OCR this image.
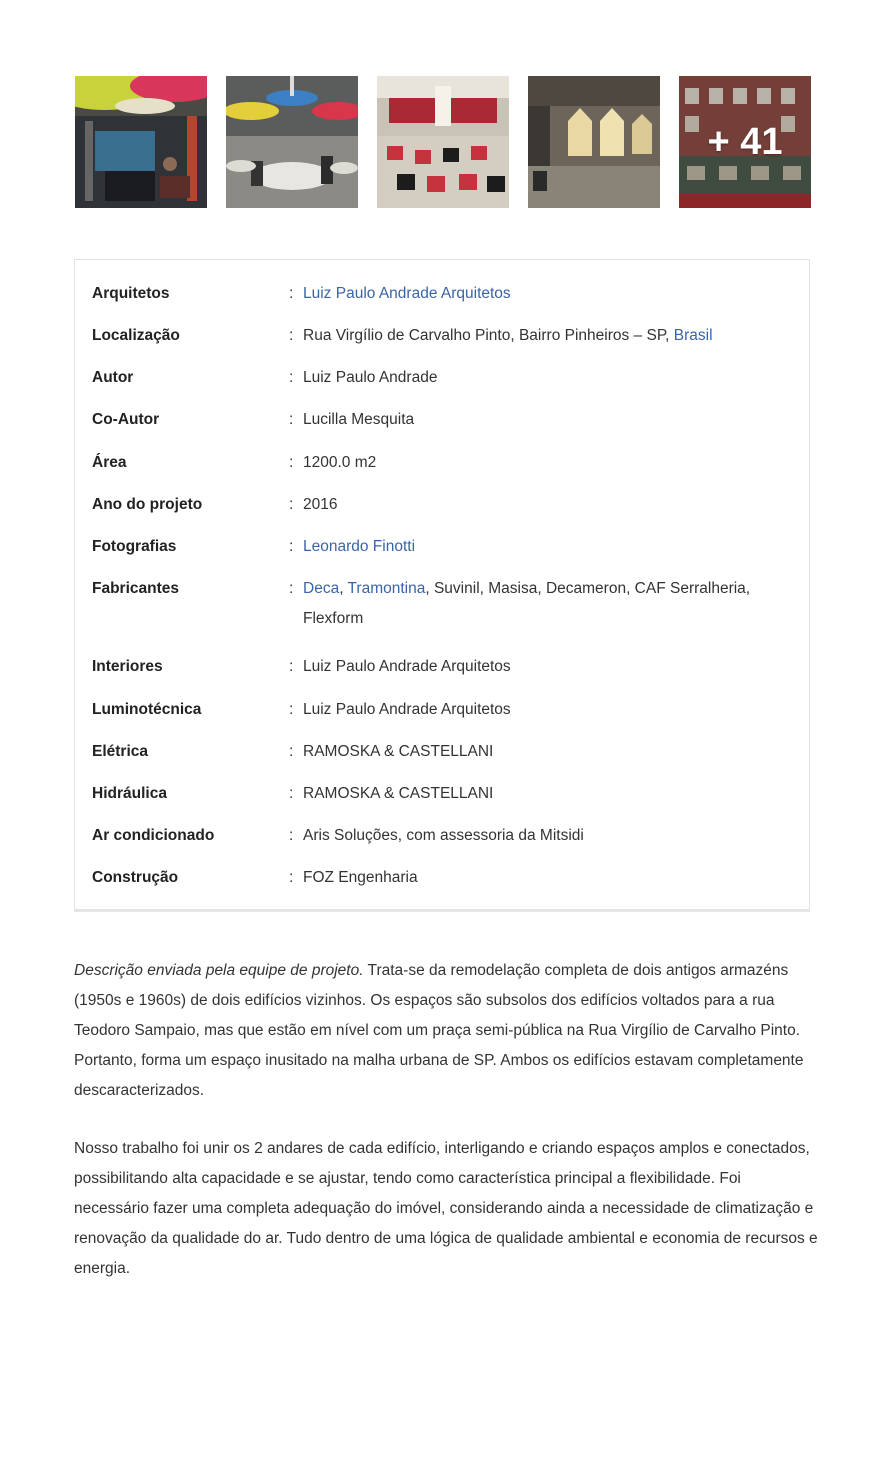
+ 41
Arquitetos	: Luiz Paulo Andrade Arquitetos
Localização	: Rua Virgílio de Carvalho Pinto, Bairro Pinheiros – SP, Brasil
Autor	: Luiz Paulo Andrade
Co-Autor	: Lucilla Mesquita
Área	: 1200.0 m2
Ano do projeto	: 2016
Fotografias	: Leonardo Finotti
Fabricantes	: Deca, Tramontina, Suvinil, Masisa, Decameron, CAF Serralheria, Flexform
Interiores	: Luiz Paulo Andrade Arquitetos
Luminotécnica	: Luiz Paulo Andrade Arquitetos
Elétrica	: RAMOSKA & CASTELLANI
Hidráulica	: RAMOSKA & CASTELLANI
Ar condicionado	: Aris Soluções, com assessoria da Mitsidi
Construção	: FOZ Engenharia

Descrição enviada pela equipe de projeto. Trata-se da remodelação completa de dois antigos armazéns (1950s e 1960s) de dois edifícios vizinhos. Os espaços são subsolos dos edifícios voltados para a rua Teodoro Sampaio, mas que estão em nível com um praça semi-pública na Rua Virgílio de Carvalho Pinto. Portanto, forma um espaço inusitado na malha urbana de SP. Ambos os edifícios estavam completamente descaracterizados.

Nosso trabalho foi unir os 2 andares de cada edifício, interligando e criando espaços amplos e conectados, possibilitando alta capacidade e se ajustar, tendo como característica principal a flexibilidade. Foi necessário fazer uma completa adequação do imóvel, considerando ainda a necessidade de climatização e renovação da qualidade do ar. Tudo dentro de uma lógica de qualidade ambiental e economia de recursos e energia.
